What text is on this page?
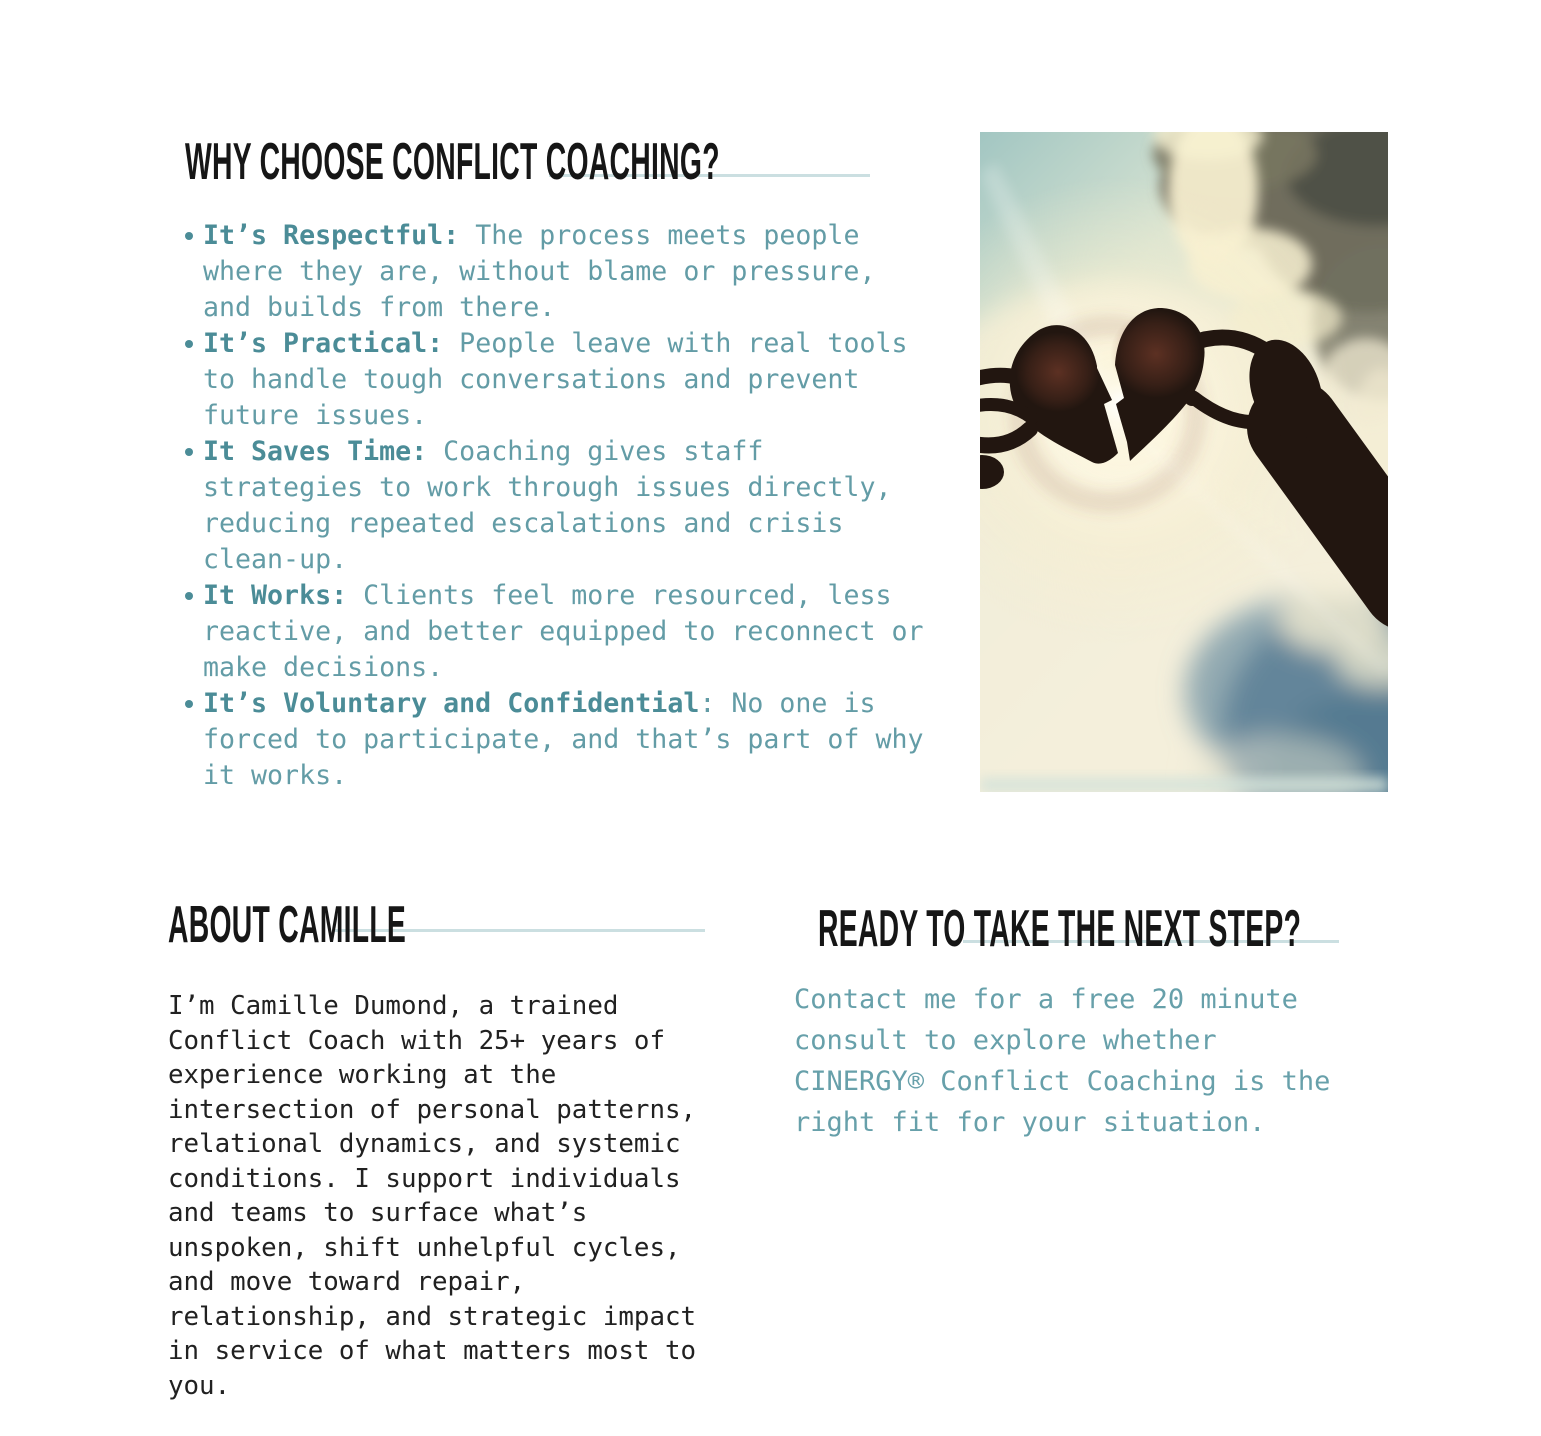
WHY CHOOSE CONFLICT COACHING?
It’s Respectful: The process meets people where they are, without blame or pressure, and builds from there.
It’s Practical: People leave with real tools to handle tough conversations and prevent future issues.
It Saves Time: Coaching gives staff strategies to work through issues directly, reducing repeated escalations and crisis clean-up.
It Works: Clients feel more resourced, less reactive, and better equipped to reconnect or make decisions.
It’s Voluntary and Confidential: No one is forced to participate, and that’s part of why it works.
ABOUT CAMILLE

I’m Camille Dumond, a trained Conflict Coach with 25+ years of experience working at the intersection of personal patterns, relational dynamics, and systemic conditions. I support individuals and teams to surface what’s unspoken, shift unhelpful cycles, and move toward repair, relationship, and strategic impact in service of what matters most to you.

READY TO TAKE THE NEXT STEP?

Contact me for a free 20 minute consult to explore whether CINERGY® Conflict Coaching is the right fit for your situation.
